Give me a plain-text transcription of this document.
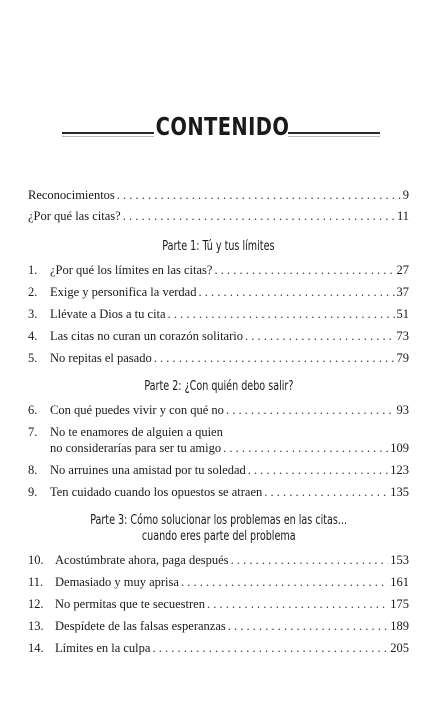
CONTENIDO
Reconocimientos . . .	9
¿Por qué las citas? . . .	11
Parte 1: Tú y tus límites
1.	¿Por qué los límites en las citas? . . .	27
2.	Exige y personifica la verdad . . .	37
3.	Llévate a Dios a tu cita . . .	51
4.	Las citas no curan un corazón solitario . . .	73
5.	No repitas el pasado . . .	79
Parte 2: ¿Con quién debo salir?
6.	Con qué puedes vivir y con qué no . . .	93
7.	No te enamores de alguien a quien
no considerarías para ser tu amigo . . .	109
8.	No arruines una amistad por tu soledad . . .	123
9.	Ten cuidado cuando los opuestos se atraen . . .	135
Parte 3: Cómo solucionar los problemas en las citas...
cuando eres parte del problema
10. Acostúmbrate ahora, paga después . . .	153
11. Demasiado y muy aprisa . . .	161
12. No permitas que te secuestren . . .	175
13. Despídete de las falsas esperanzas . . .	189
14. Límites en la culpa . . .	205
